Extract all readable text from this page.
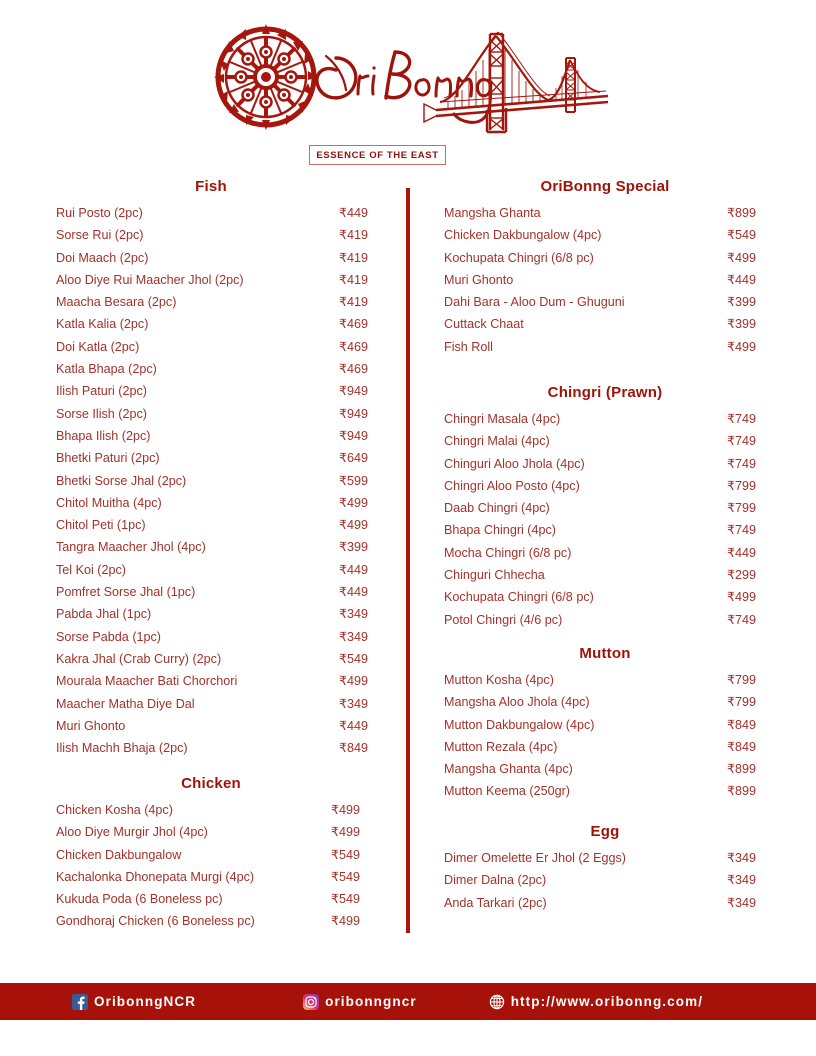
ESSENCE OF THE EAST
Fish
Rui Posto (2pc)	₹449
Sorse Rui (2pc)	₹419
Doi Maach (2pc)	₹419
Aloo Diye Rui Maacher Jhol (2pc)	₹419
Maacha Besara (2pc)	₹419
Katla Kalia (2pc)	₹469
Doi Katla (2pc)	₹469
Katla Bhapa (2pc)	₹469
Ilish Paturi (2pc)	₹949
Sorse Ilish (2pc)	₹949
Bhapa Ilish (2pc)	₹949
Bhetki Paturi (2pc)	₹649
Bhetki Sorse Jhal (2pc)	₹599
Chitol Muitha (4pc)	₹499
Chitol Peti (1pc)	₹499
Tangra Maacher Jhol (4pc)	₹399
Tel Koi (2pc)	₹449
Pomfret Sorse Jhal (1pc)	₹449
Pabda Jhal (1pc)	₹349
Sorse Pabda (1pc)	₹349
Kakra Jhal (Crab Curry) (2pc)	₹549
Mourala Maacher Bati Chorchori	₹499
Maacher Matha Diye Dal	₹349
Muri Ghonto	₹449
Ilish Machh Bhaja (2pc)	₹849
Chicken
Chicken Kosha (4pc)	₹499
Aloo Diye Murgir Jhol (4pc)	₹499
Chicken Dakbungalow	₹549
Kachalonka Dhonepata Murgi (4pc)	₹549
Kukuda Poda (6 Boneless pc)	₹549
Gondhoraj Chicken (6 Boneless pc)	₹499
OriBonng Special
Mangsha Ghanta	₹899
Chicken Dakbungalow (4pc)	₹549
Kochupata Chingri (6/8 pc)	₹499
Muri Ghonto	₹449
Dahi Bara - Aloo Dum - Ghuguni	₹399
Cuttack Chaat	₹399
Fish Roll	₹499
Chingri (Prawn)
Chingri Masala (4pc)	₹749
Chingri Malai (4pc)	₹749
Chinguri Aloo Jhola (4pc)	₹749
Chingri Aloo Posto (4pc)	₹799
Daab Chingri (4pc)	₹799
Bhapa Chingri (4pc)	₹749
Mocha Chingri (6/8 pc)	₹449
Chinguri Chhecha	₹299
Kochupata Chingri (6/8 pc)	₹499
Potol Chingri (4/6 pc)	₹749
Mutton
Mutton Kosha (4pc)	₹799
Mangsha Aloo Jhola (4pc)	₹799
Mutton Dakbungalow (4pc)	₹849
Mutton Rezala (4pc)	₹849
Mangsha Ghanta (4pc)	₹899
Mutton Keema (250gr)	₹899
Egg
Dimer Omelette Er Jhol (2 Eggs)	₹349
Dimer Dalna (2pc)	₹349
Anda Tarkari (2pc)	₹349
OribonngNCR	oribonngncr	http://www.oribonng.com/
